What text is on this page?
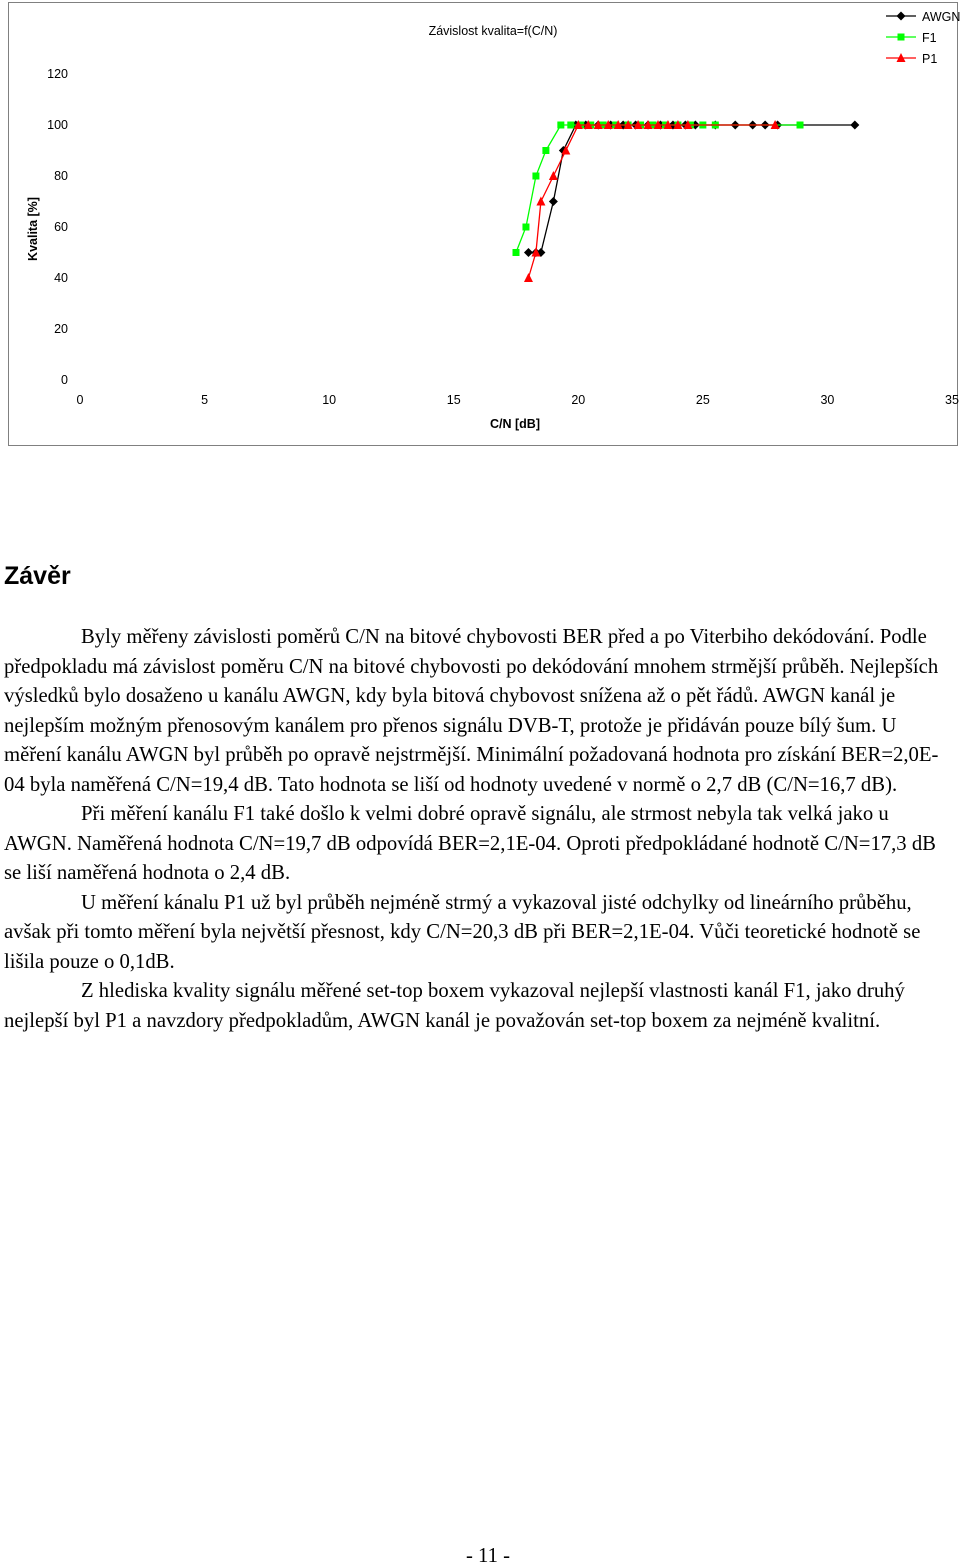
Závislost kvalita=f(C/N)
0
20
40
60
80
100
120
0	5	10	15	20	25	30	35
C/N [dB]
Kvalita [%]
AWGN
F1
P1
Závěr

Byly měřeny závislosti poměrů C/N na bitové chybovosti BER před a po Viterbiho dekódování. Podle předpokladu má závislost poměru C/N na bitové chybovosti po dekódování mnohem strmější průběh. Nejlepších výsledků bylo dosaženo u kanálu AWGN, kdy byla bitová chybovost snížena až o pět řádů. AWGN kanál je nejlepším možným přenosovým kanálem pro přenos signálu DVB-T, protože je přidáván pouze bílý šum. U měření kanálu AWGN byl průběh po opravě nejstrmější. Minimální požadovaná hodnota pro získání BER=2,0E-04 byla naměřená C/N=19,4 dB. Tato hodnota se liší od hodnoty uvedené v normě o 2,7 dB (C/N=16,7 dB).

Při měření kanálu F1 také došlo k velmi dobré opravě signálu, ale strmost nebyla tak velká jako u AWGN. Naměřená hodnota C/N=19,7 dB odpovídá BER=2,1E-04. Oproti předpokládané hodnotě C/N=17,3 dB se liší naměřená hodnota o 2,4 dB.

U měření kánalu P1 už byl průběh nejméně strmý a vykazoval jisté odchylky od lineárního průběhu, avšak při tomto měření byla největší přesnost, kdy C/N=20,3 dB při BER=2,1E-04. Vůči teoretické hodnotě se lišila pouze o 0,1dB.

Z hlediska kvality signálu měřené set-top boxem vykazoval nejlepší vlastnosti kanál F1, jako druhý nejlepší byl P1 a navzdory předpokladům, AWGN kanál je považován set-top boxem za nejméně kvalitní.

- 11 -
